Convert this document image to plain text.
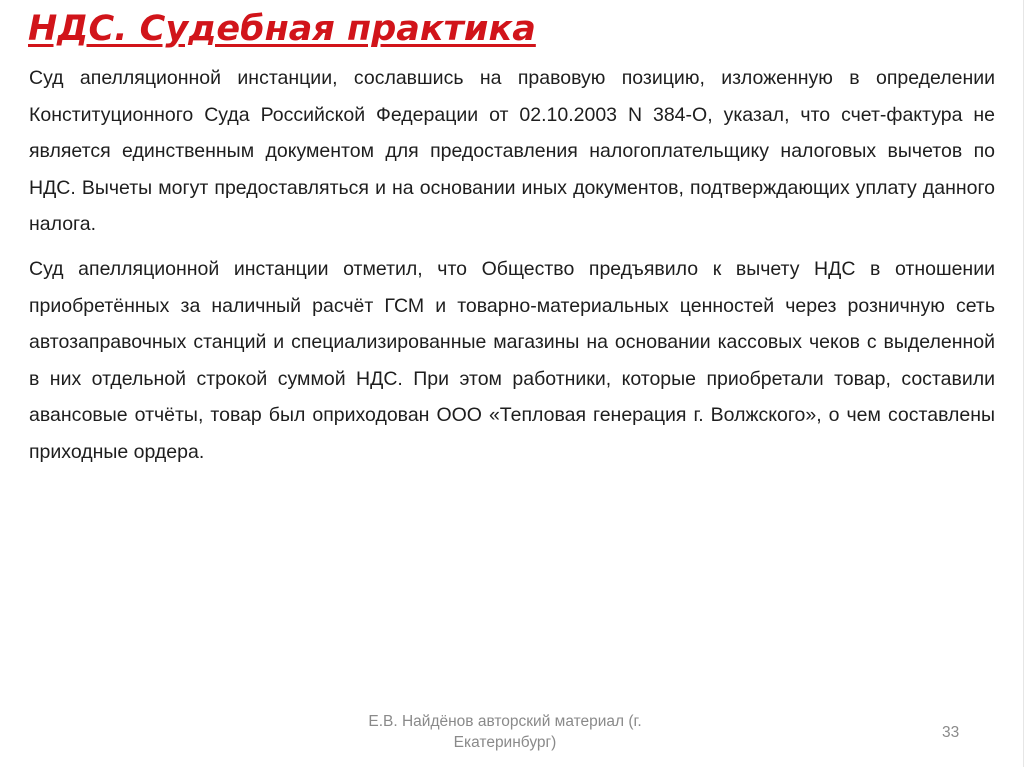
НДС. Судебная практика

Суд апелляционной инстанции, сославшись на правовую позицию, изложенную в определении Конституционного Суда Российской Федерации от 02.10.2003 N 384-О, указал, что счет-фактура не является единственным документом для предоставления налогоплательщику налоговых вычетов по НДС. Вычеты могут предоставляться и на основании иных документов, подтверждающих уплату данного налога.

Суд апелляционной инстанции отметил, что Общество предъявило к вычету НДС в отношении приобретённых за наличный расчёт ГСМ и товарно-материальных ценностей через розничную сеть автозаправочных станций и специализированные магазины на основании кассовых чеков с выделенной в них отдельной строкой суммой НДС. При этом работники, которые приобретали товар, составили авансовые отчёты, товар был оприходован ООО «Тепловая генерация г. Волжского», о чем составлены приходные ордера.

Е.В. Найдёнов авторский материал (г.
Екатеринбург)
33
